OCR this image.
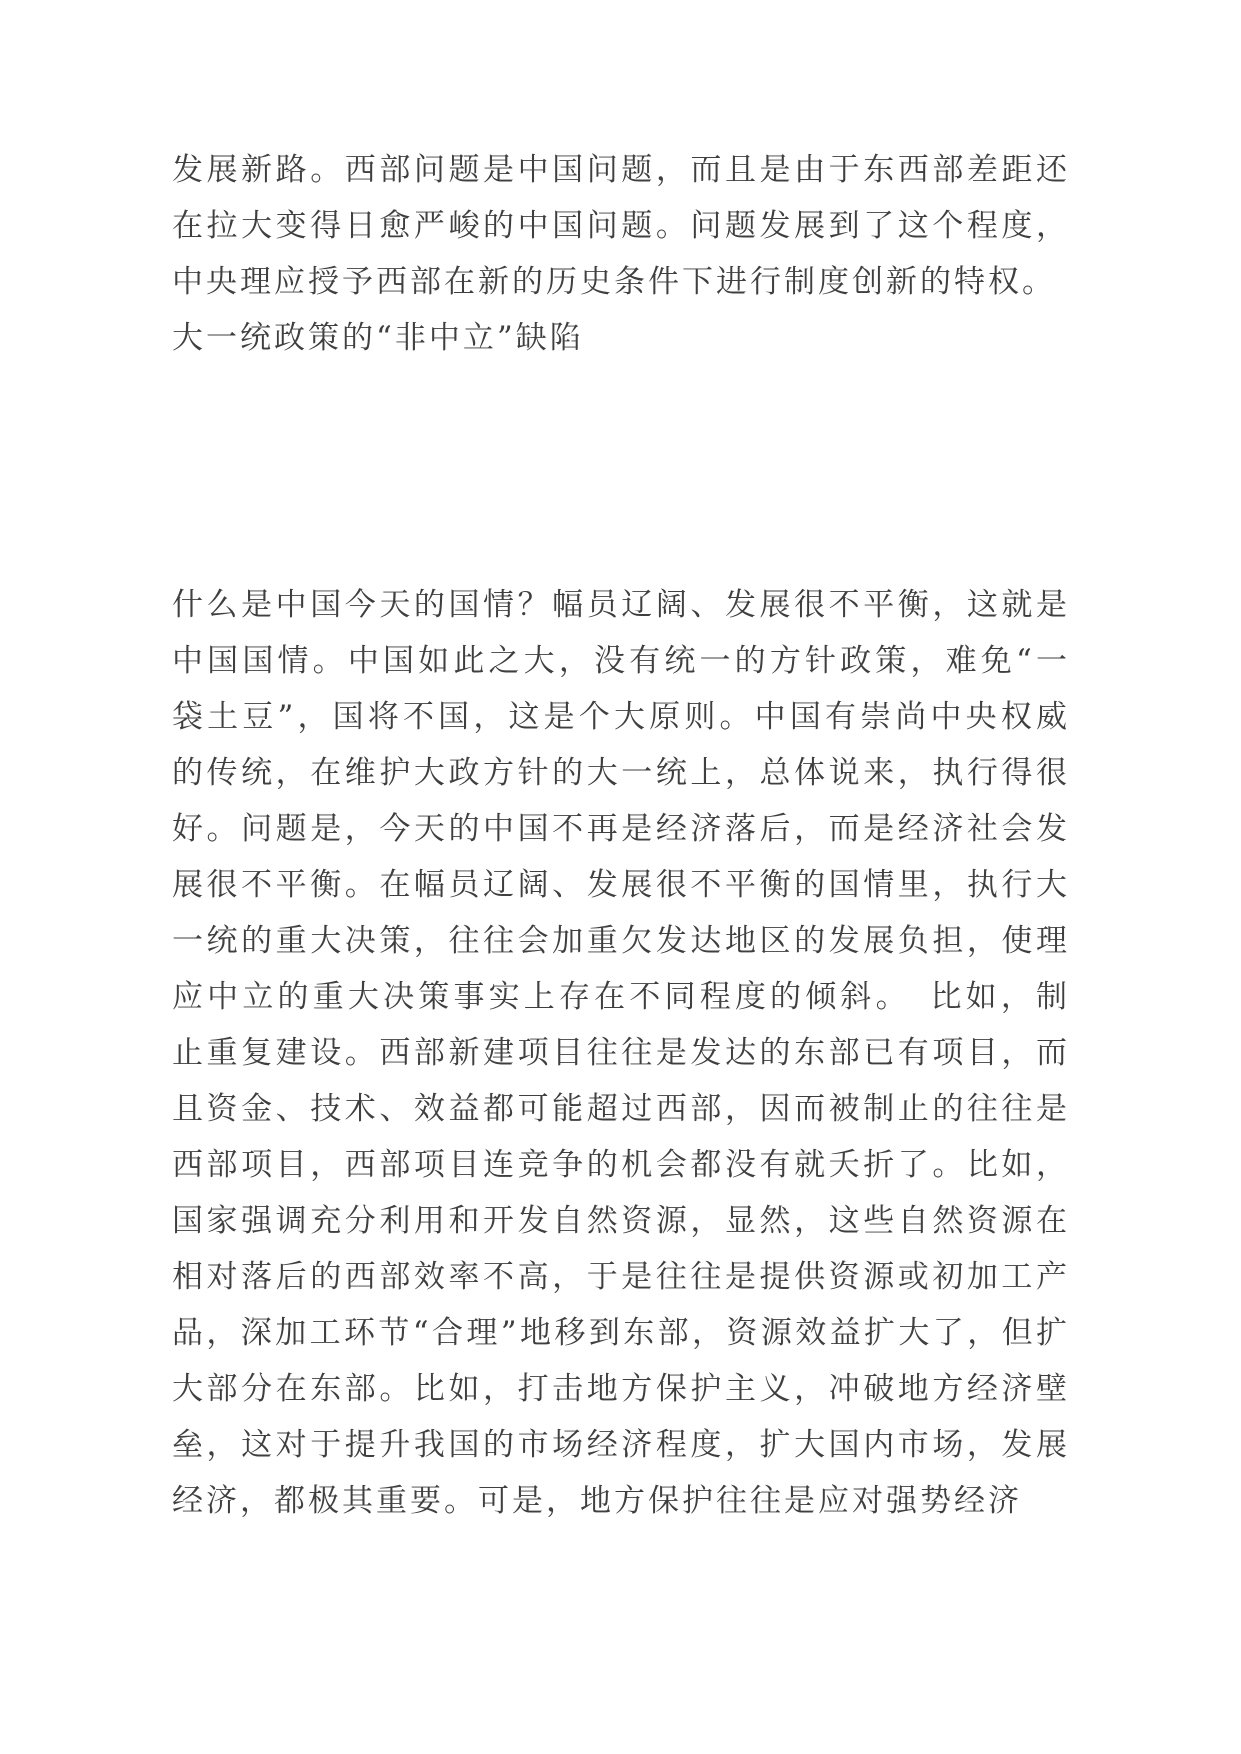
发展新路。西部问题是中国问题，而且是由于东西部差距还在拉大变得日愈严峻的中国问题。问题发展到了这个程度，中央理应授予西部在新的历史条件下进行制度创新的特权。

大一统政策的“非中立”缺陷

什么是中国今天的国情？幅员辽阔、发展很不平衡，这就是中国国情。中国如此之大，没有统一的方针政策，难免“一袋土豆”，国将不国，这是个大原则。中国有崇尚中央权威的传统，在维护大政方针的大一统上，总体说来，执行得很好。问题是，今天的中国不再是经济落后，而是经济社会发展很不平衡。在幅员辽阔、发展很不平衡的国情里，执行大一统的重大决策，往往会加重欠发达地区的发展负担，使理应中立的重大决策事实上存在不同程度的倾斜。　比如，制止重复建设。西部新建项目往往是发达的东部已有项目，而且资金、技术、效益都可能超过西部，因而被制止的往往是西部项目，西部项目连竞争的机会都没有就夭折了。比如，国家强调充分利用和开发自然资源，显然，这些自然资源在相对落后的西部效率不高，于是往往是提供资源或初加工产品，深加工环节“合理”地移到东部，资源效益扩大了，但扩大部分在东部。比如，打击地方保护主义，冲破地方经济壁垒，这对于提升我国的市场经济程度，扩大国内市场，发展经济，都极其重要。可是，地方保护往往是应对强势经济
